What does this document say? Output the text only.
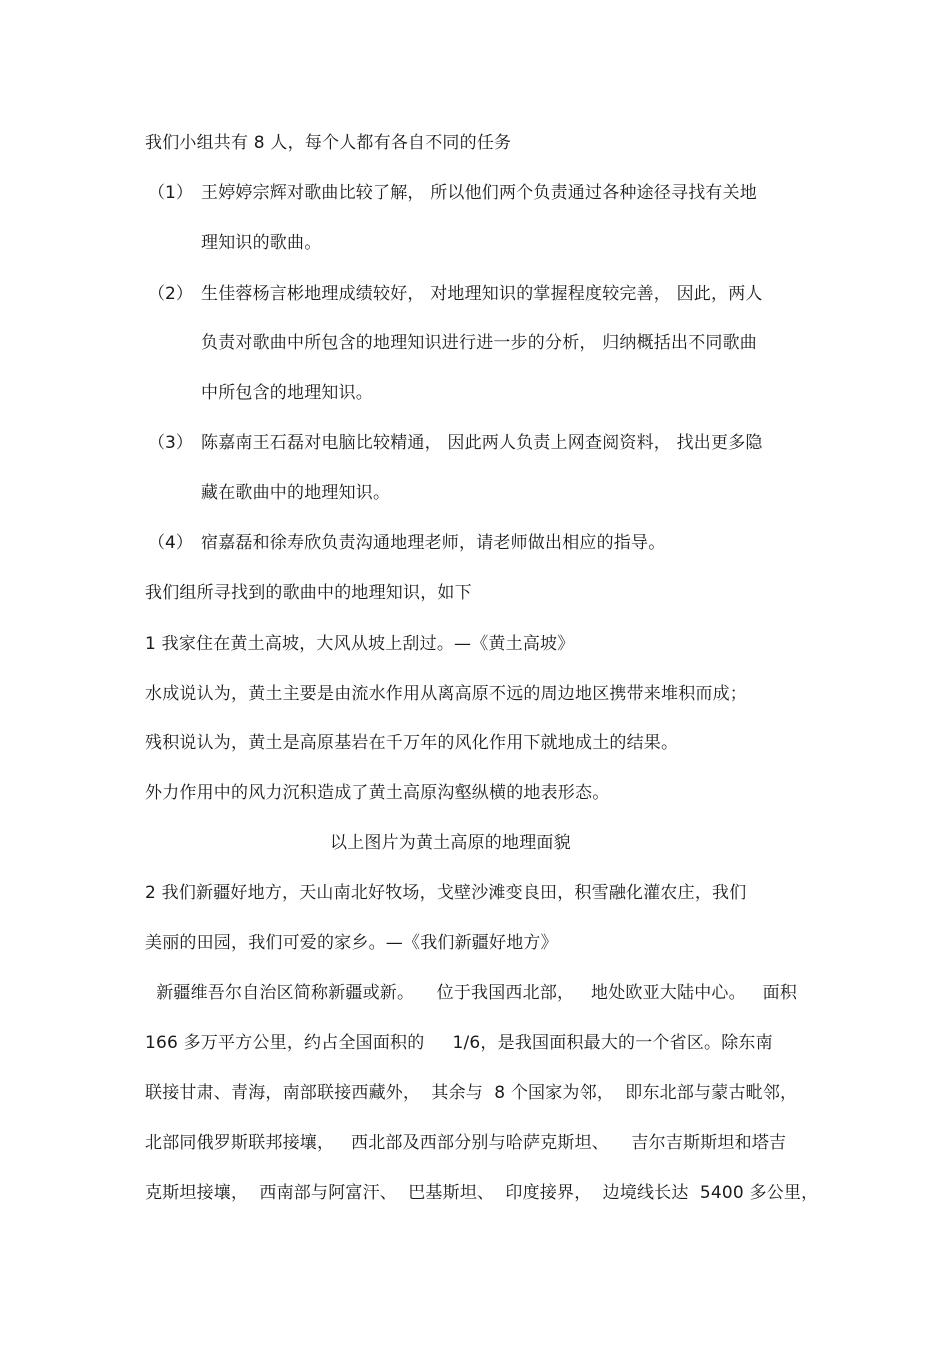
我们小组共有 8 人，每个人都有各自不同的任务
（1） 王婷婷宗辉对歌曲比较了解， 所以他们两个负责通过各种途径寻找有关地
理知识的歌曲。
（2） 生佳蓉杨言彬地理成绩较好， 对地理知识的掌握程度较完善， 因此，两人
负责对歌曲中所包含的地理知识进行进一步的分析， 归纳概括出不同歌曲
中所包含的地理知识。
（3） 陈嘉南王石磊对电脑比较精通， 因此两人负责上网查阅资料， 找出更多隐
藏在歌曲中的地理知识。
（4） 宿嘉磊和徐寿欣负责沟通地理老师，请老师做出相应的指导。
我们组所寻找到的歌曲中的地理知识，如下
1 我家住在黄土高坡，大风从坡上刮过。—《黄土高坡》
水成说认为，黄土主要是由流水作用从离高原不远的周边地区携带来堆积而成；
残积说认为，黄土是高原基岩在千万年的风化作用下就地成土的结果。
外力作用中的风力沉积造成了黄土高原沟壑纵横的地表形态。
以上图片为黄土高原的地理面貌
2 我们新疆好地方，天山南北好牧场，戈壁沙滩变良田，积雪融化灌农庄，我们
美丽的田园，我们可爱的家乡。—《我们新疆好地方》
新疆维吾尔自治区简称新疆或新。    位于我国西北部，   地处欧亚大陆中心。   面积
166 多万平方公里，约占全国面积的     1/6，是我国面积最大的一个省区。除东南
联接甘肃、青海，南部联接西藏外，  其余与  8 个国家为邻，  即东北部与蒙古毗邻，
北部同俄罗斯联邦接壤，   西北部及西部分别与哈萨克斯坦、    吉尔吉斯斯坦和塔吉
克斯坦接壤，  西南部与阿富汗、  巴基斯坦、  印度接界，  边境线长达  5400 多公里，
